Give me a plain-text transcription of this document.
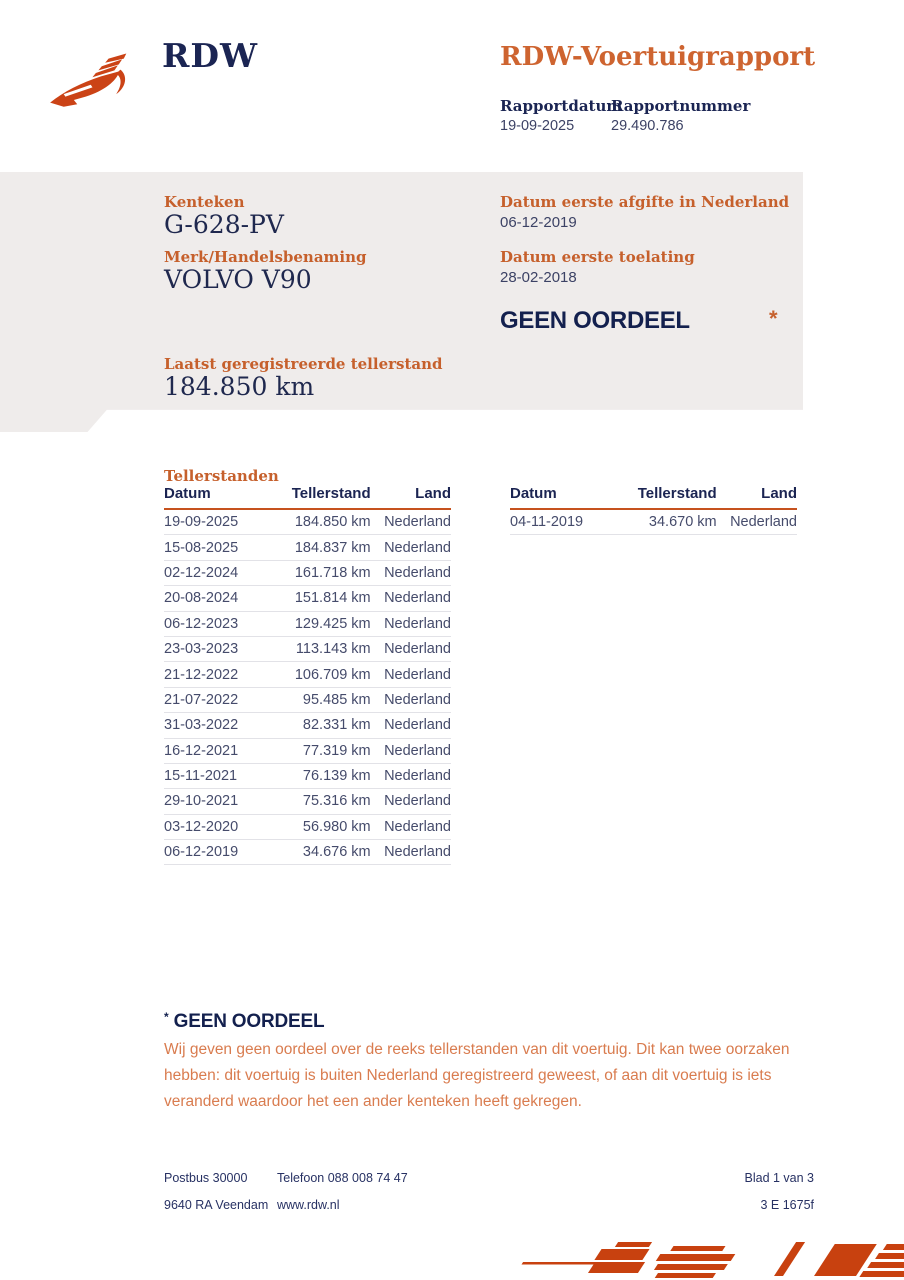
RDW	RDW-Voertuigrapport
Rapportdatum
Rapportnummer
19-09-2025	29.490.786
Kenteken
G-628-PV
Merk/Handelsbenaming
VOLVO V90
Laatst geregistreerde tellerstand
184.850 km
Datum eerste afgifte in Nederland
06-12-2019
Datum eerste toelating
28-02-2018
GEEN OORDEEL	*
Tellerstanden
Datum	Tellerstand	Land
19-09-2025	184.850 km	Nederland
15-08-2025	184.837 km	Nederland
02-12-2024	161.718 km	Nederland
20-08-2024	151.814 km	Nederland
06-12-2023	129.425 km	Nederland
23-03-2023	113.143 km	Nederland
21-12-2022	106.709 km	Nederland
21-07-2022	95.485 km	Nederland
31-03-2022	82.331 km	Nederland
16-12-2021	77.319 km	Nederland
15-11-2021	76.139 km	Nederland
29-10-2021	75.316 km	Nederland
03-12-2020	56.980 km	Nederland
06-12-2019	34.676 km	Nederland
Datum	Tellerstand	Land
04-11-2019	34.670 km	Nederland
* GEEN OORDEEL
Wij geven geen oordeel over de reeks tellerstanden van dit voertuig. Dit kan twee oorzaken hebben: dit voertuig is buiten Nederland geregistreerd geweest, of aan dit voertuig is iets veranderd waardoor het een ander kenteken heeft gekregen.
Postbus 30000
9640 RA Veendam
Telefoon 088 008 74 47
www.rdw.nl
Blad 1 van 3
3 E 1675f
